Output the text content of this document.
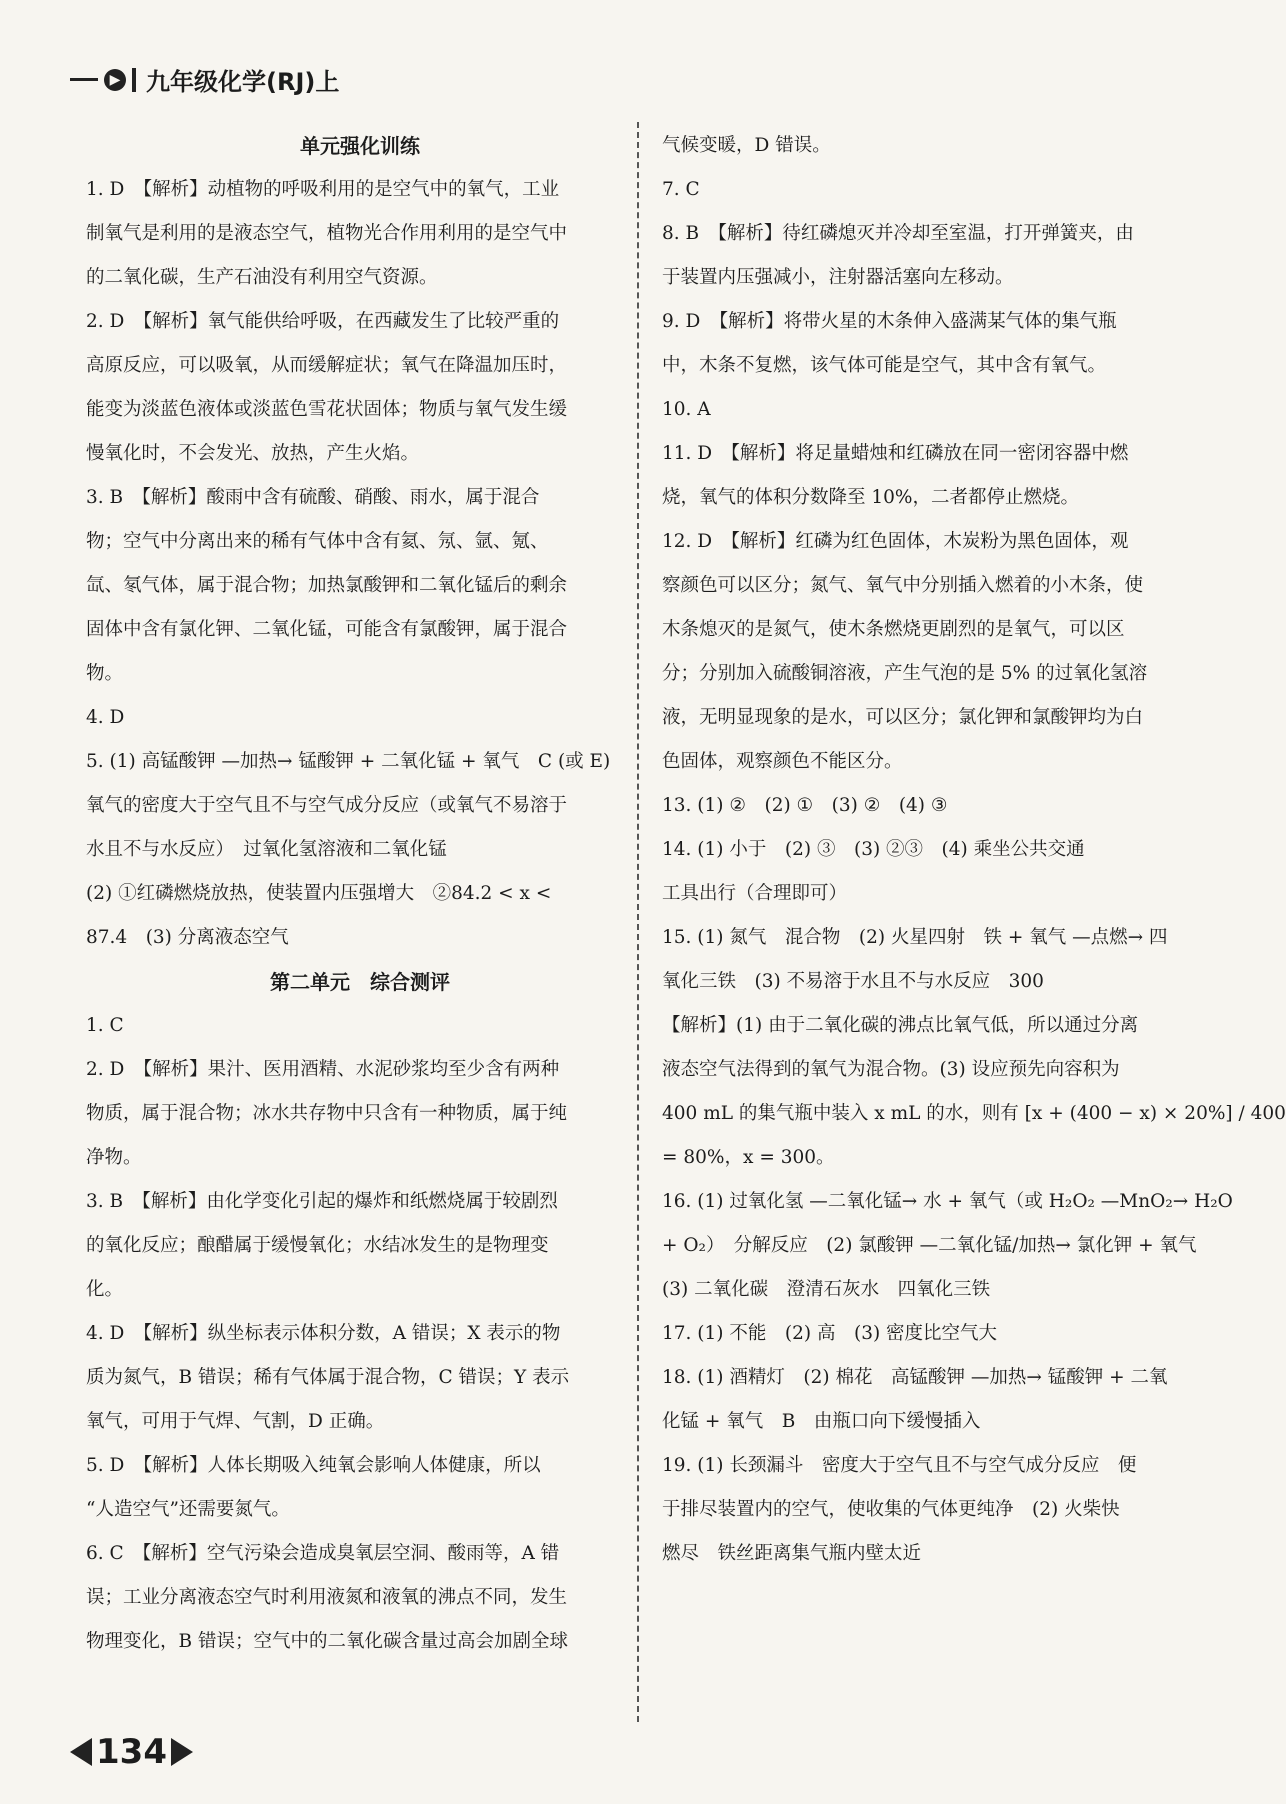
▶ 九年级化学(RJ)上
单元强化训练
1. D　【解析】动植物的呼吸利用的是空气中的氧气，工业
制氧气是利用的是液态空气，植物光合作用利用的是空气中
的二氧化碳，生产石油没有利用空气资源。
2. D　【解析】氧气能供给呼吸，在西藏发生了比较严重的
高原反应，可以吸氧，从而缓解症状；氧气在降温加压时，
能变为淡蓝色液体或淡蓝色雪花状固体；物质与氧气发生缓
慢氧化时，不会发光、放热，产生火焰。
3. B　【解析】酸雨中含有硫酸、硝酸、雨水，属于混合
物；空气中分离出来的稀有气体中含有氦、氖、氩、氪、
氙、氡气体，属于混合物；加热氯酸钾和二氧化锰后的剩余
固体中含有氯化钾、二氧化锰，可能含有氯酸钾，属于混合
物。
4. D
5. (1) 高锰酸钾 —加热→ 锰酸钾 + 二氧化锰 + 氧气　C (或 E)
氧气的密度大于空气且不与空气成分反应（或氧气不易溶于
水且不与水反应）　过氧化氢溶液和二氧化锰
(2) ①红磷燃烧放热，使装置内压强增大　②84.2 < x <
87.4　(3) 分离液态空气
第二单元　综合测评
1. C
2. D　【解析】果汁、医用酒精、水泥砂浆均至少含有两种
物质，属于混合物；冰水共存物中只含有一种物质，属于纯
净物。
3. B　【解析】由化学变化引起的爆炸和纸燃烧属于较剧烈
的氧化反应；酿醋属于缓慢氧化；水结冰发生的是物理变
化。
4. D　【解析】纵坐标表示体积分数，A 错误；X 表示的物
质为氮气，B 错误；稀有气体属于混合物，C 错误；Y 表示
氧气，可用于气焊、气割，D 正确。
5. D　【解析】人体长期吸入纯氧会影响人体健康，所以
“人造空气”还需要氮气。
6. C　【解析】空气污染会造成臭氧层空洞、酸雨等，A 错
误；工业分离液态空气时利用液氮和液氧的沸点不同，发生
物理变化，B 错误；空气中的二氧化碳含量过高会加剧全球
气候变暖，D 错误。
7. C
8. B　【解析】待红磷熄灭并冷却至室温，打开弹簧夹，由
于装置内压强减小，注射器活塞向左移动。
9. D　【解析】将带火星的木条伸入盛满某气体的集气瓶
中，木条不复燃，该气体可能是空气，其中含有氧气。
10. A
11. D　【解析】将足量蜡烛和红磷放在同一密闭容器中燃
烧，氧气的体积分数降至 10%，二者都停止燃烧。
12. D　【解析】红磷为红色固体，木炭粉为黑色固体，观
察颜色可以区分；氮气、氧气中分别插入燃着的小木条，使
木条熄灭的是氮气，使木条燃烧更剧烈的是氧气，可以区
分；分别加入硫酸铜溶液，产生气泡的是 5% 的过氧化氢溶
液，无明显现象的是水，可以区分；氯化钾和氯酸钾均为白
色固体，观察颜色不能区分。
13. (1) ②　(2) ①　(3) ②　(4) ③
14. (1) 小于　(2) ③　(3) ②③　(4) 乘坐公共交通
工具出行（合理即可）
15. (1) 氮气　混合物　(2) 火星四射　铁 + 氧气 —点燃→ 四
氧化三铁　(3) 不易溶于水且不与水反应　300
【解析】(1) 由于二氧化碳的沸点比氧气低，所以通过分离
液态空气法得到的氧气为混合物。(3) 设应预先向容积为
400 mL 的集气瓶中装入 x mL 的水，则有 [x + (400 − x) × 20%] / 400
= 80%，x = 300。
16. (1) 过氧化氢 —二氧化锰→ 水 + 氧气（或 H₂O₂ —MnO₂→ H₂O
+ O₂）　分解反应　(2) 氯酸钾 —二氧化锰/加热→ 氯化钾 + 氧气
(3) 二氧化碳　澄清石灰水　四氧化三铁
17. (1) 不能　(2) 高　(3) 密度比空气大
18. (1) 酒精灯　(2) 棉花　高锰酸钾 —加热→ 锰酸钾 + 二氧
化锰 + 氧气　B　由瓶口向下缓慢插入
19. (1) 长颈漏斗　密度大于空气且不与空气成分反应　便
于排尽装置内的空气，使收集的气体更纯净　(2) 火柴快
燃尽　铁丝距离集气瓶内壁太近
134
